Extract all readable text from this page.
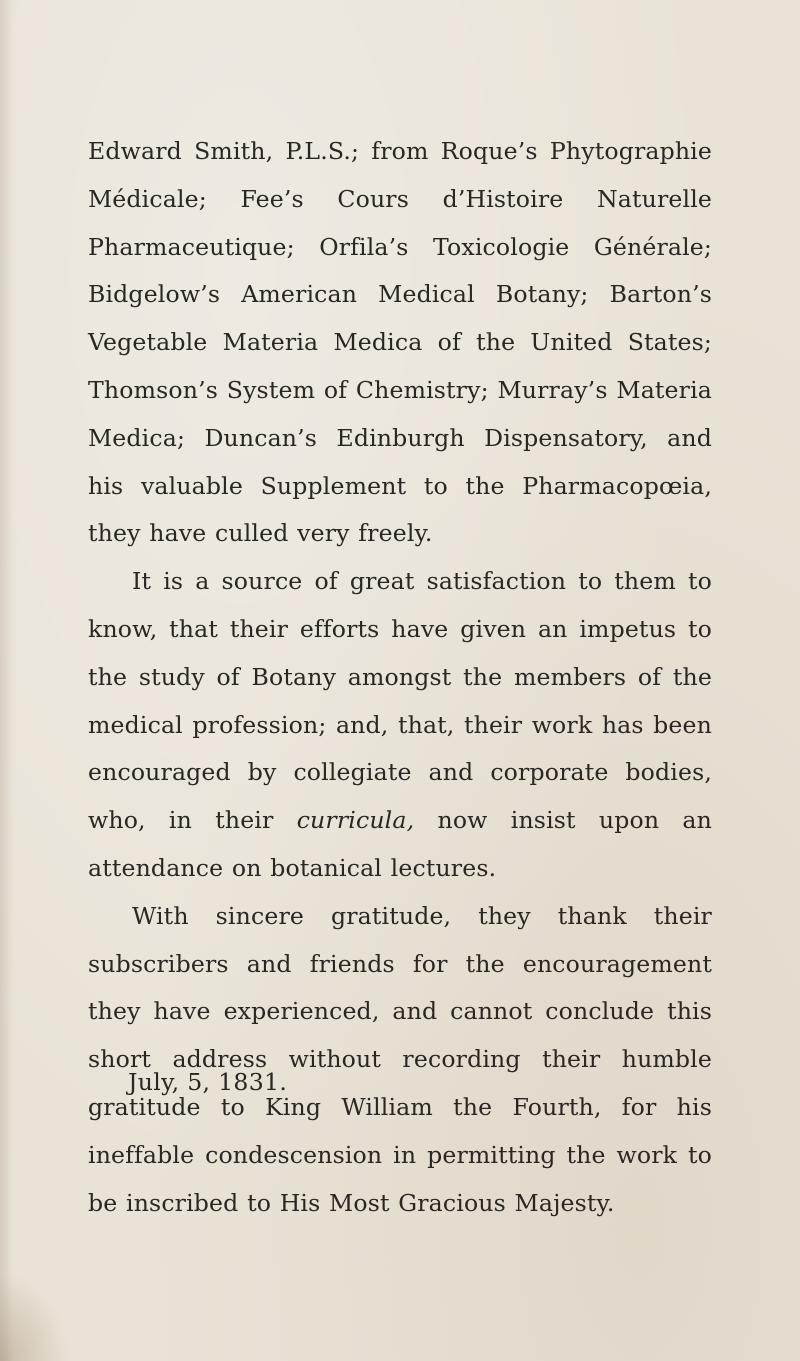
Edward Smith, P.L.S.; from Roque’s Phytographie Médicale; Fee’s Cours d’Histoire Naturelle Pharmaceutique; Orfila’s Toxicologie Générale; Bidgelow’s American Medical Botany; Barton’s Vegetable Materia Medica of the United States; Thomson’s System of Chemistry; Murray’s Materia Medica; Duncan’s Edinburgh Dispensatory, and his valuable Supplement to the Pharmacopœia, they have culled very freely.

It is a source of great satisfaction to them to know, that their efforts have given an impetus to the study of Botany amongst the members of the medical profession; and, that, their work has been encouraged by collegiate and corporate bodies, who, in their curricula, now insist upon an attendance on botanical lectures.

With sincere gratitude, they thank their subscribers and friends for the encouragement they have experienced, and cannot conclude this short address without recording their humble gratitude to King William the Fourth, for his ineffable condescension in permitting the work to be inscribed to His Most Gracious Majesty.

July, 5, 1831.
